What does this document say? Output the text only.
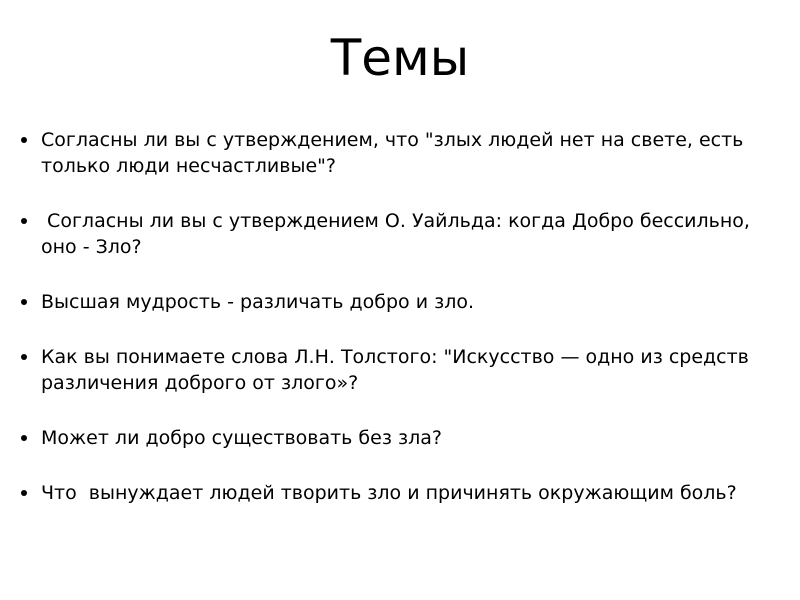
Темы
Согласны ли вы с утверждением, что "злых людей нет на свете, есть только люди несчастливые"?
Согласны ли вы с утверждением О. Уайльда: когда Добро бессильно, оно - Зло?
Высшая мудрость - различать добро и зло.
Как вы понимаете слова Л.Н. Толстого: "Искусство — одно из средств различения доброго от злого»?
Может ли добро существовать без зла?
Что  вынуждает людей творить зло и причинять окружающим боль?
